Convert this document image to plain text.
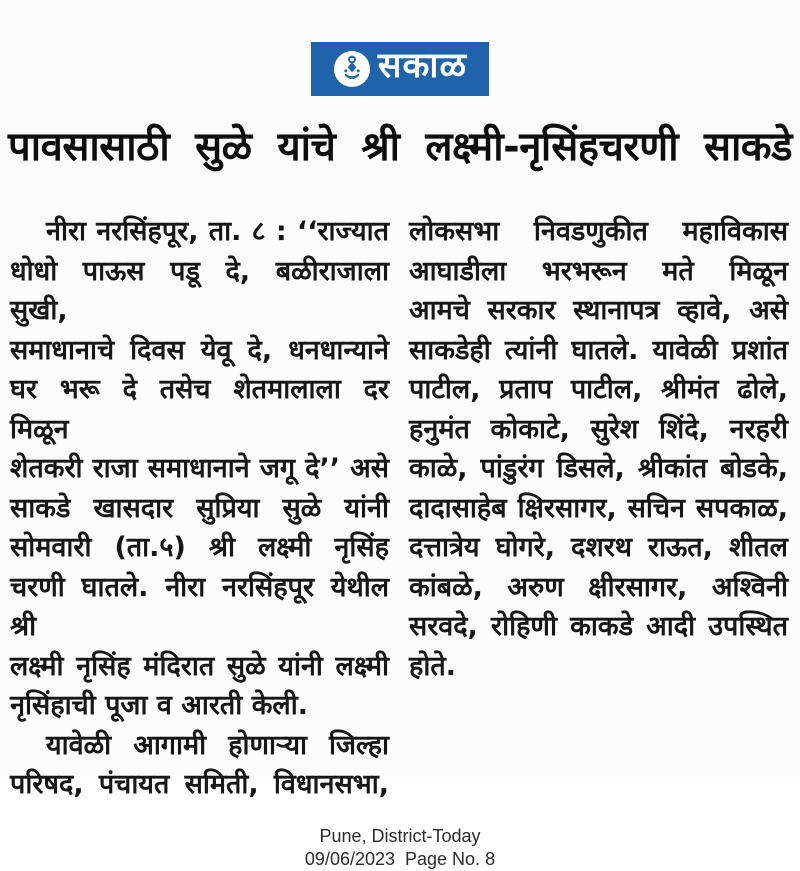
सकाळ
पावसासाठी सुळे यांचे श्री लक्ष्मी-नृसिंहचरणी साकडे
नीरा नरसिंहपूर, ता. ८ : ‘‘राज्यात
धोधो पाऊस पडू दे, बळीराजाला सुखी,
समाधानाचे दिवस येवू दे, धनधान्याने
घर भरू दे तसेच शेतमालाला दर मिळून
शेतकरी राजा समाधानाने जगू दे’’ असे
साकडे खासदार सुप्रिया सुळे यांनी
सोमवारी (ता.५) श्री लक्ष्मी नृसिंह
चरणी घातले. नीरा नरसिंहपूर येथील श्री
लक्ष्मी नृसिंह मंदिरात सुळे यांनी लक्ष्मी
नृसिंहाची पूजा व आरती केली.
यावेळी आगामी होणाऱ्या जिल्हा
परिषद, पंचायत समिती, विधानसभा,
लोकसभा निवडणुकीत महाविकास
आघाडीला भरभरून मते मिळून
आमचे सरकार स्थानापत्र व्हावे, असे
साकडेही त्यांनी घातले. यावेळी प्रशांत
पाटील, प्रताप पाटील, श्रीमंत ढोले,
हनुमंत कोकाटे, सुरेश शिंदे, नरहरी
काळे, पांडुरंग डिसले, श्रीकांत बोडके,
दादासाहेब क्षिरसागर, सचिन सपकाळ,
दत्तात्रेय घोगरे, दशरथ राऊत, शीतल
कांबळे, अरुण क्षीरसागर, अश्विनी
सरवदे, रोहिणी काकडे आदी उपस्थित
होते.
Pune, District-Today
09/06/2023  Page No. 8
